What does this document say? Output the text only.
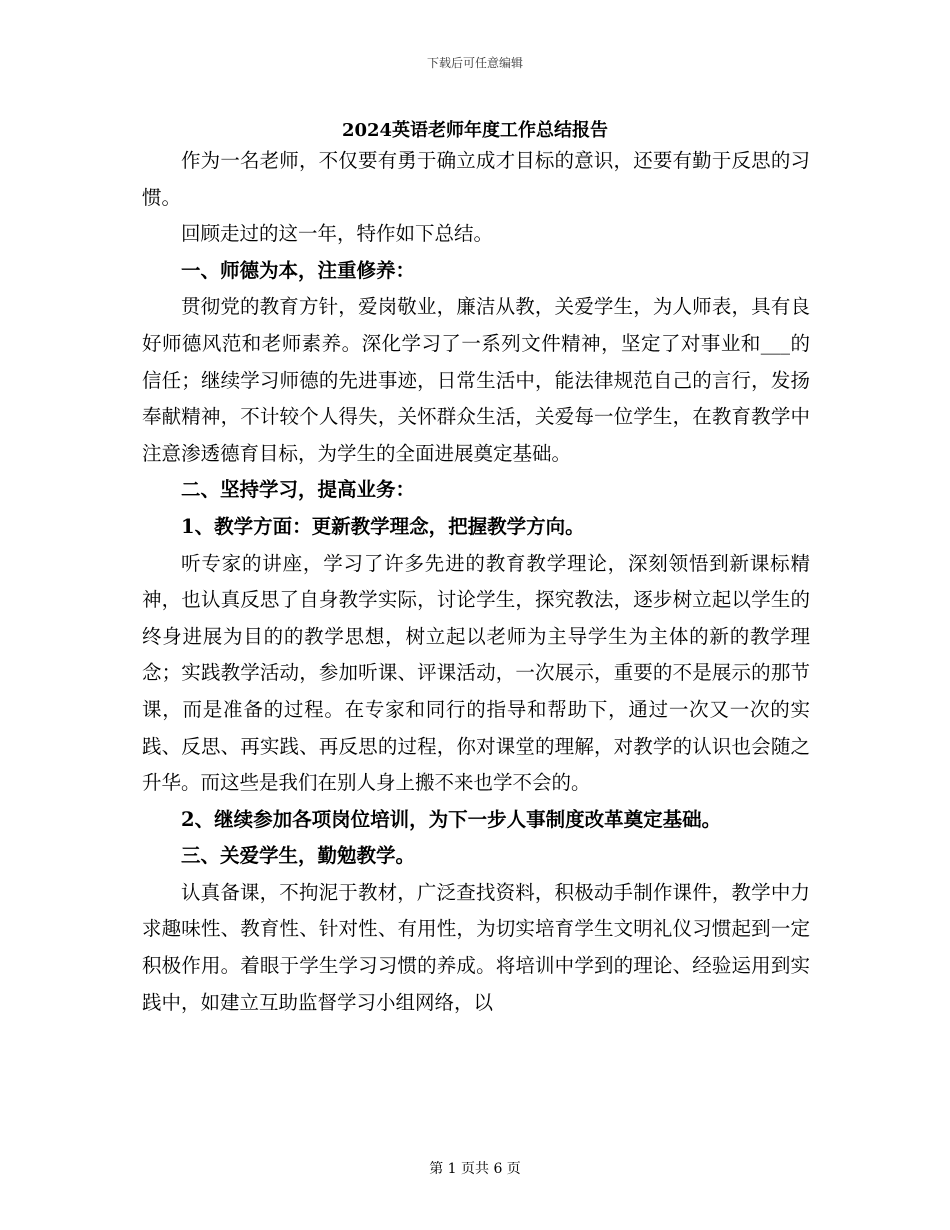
下载后可任意编辑
2024英语老师年度工作总结报告

作为一名老师，不仅要有勇于确立成才目标的意识，还要有勤于反思的习惯。

回顾走过的这一年，特作如下总结。

一、师德为本，注重修养：

贯彻党的教育方针，爱岗敬业，廉洁从教，关爱学生，为人师表，具有良好师德风范和老师素养。深化学习了一系列文件精神，坚定了对事业和___的信任；继续学习师德的先进事迹，日常生活中，能法律规范自己的言行，发扬奉献精神，不计较个人得失，关怀群众生活，关爱每一位学生，在教育教学中注意渗透德育目标，为学生的全面进展奠定基础。

二、坚持学习，提高业务：

1、教学方面：更新教学理念，把握教学方向。

听专家的讲座，学习了许多先进的教育教学理论，深刻领悟到新课标精神，也认真反思了自身教学实际，讨论学生，探究教法，逐步树立起以学生的终身进展为目的的教学思想，树立起以老师为主导学生为主体的新的教学理念；实践教学活动，参加听课、评课活动，一次展示，重要的不是展示的那节课，而是准备的过程。在专家和同行的指导和帮助下，通过一次又一次的实践、反思、再实践、再反思的过程，你对课堂的理解，对教学的认识也会随之升华。而这些是我们在别人身上搬不来也学不会的。

2、继续参加各项岗位培训，为下一步人事制度改革奠定基础。

三、关爱学生，勤勉教学。

认真备课，不拘泥于教材，广泛查找资料，积极动手制作课件，教学中力求趣味性、教育性、针对性、有用性，为切实培育学生文明礼仪习惯起到一定积极作用。着眼于学生学习习惯的养成。将培训中学到的理论、经验运用到实践中，如建立互助监督学习小组网络，以

第 1 页共 6 页
